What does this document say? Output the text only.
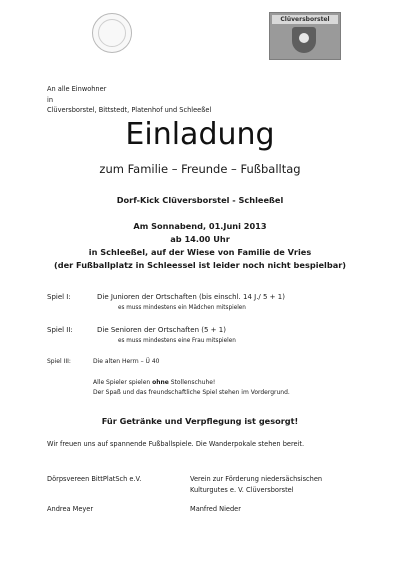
Clüversborstel
An alle Einwohner
in
Clüversborstel, Bittstedt, Platenhof und Schleeßel
Einladung
zum Familie – Freunde – Fußballtag
Dorf-Kick Clüversborstel - Schleeßel
Am Sonnabend, 01.Juni 2013
ab 14.00 Uhr
in Schleeßel, auf der Wiese von Familie de Vries
(der Fußballplatz in Schleessel ist leider noch nicht bespielbar)
Spiel I:	Die Junioren der Ortschaften (bis einschl. 14 J./ 5 + 1)
es muss mindestens ein Mädchen mitspielen
Spiel II:	Die Senioren der Ortschaften (5 + 1)
es muss mindestens eine Frau mitspielen
Spiel III:	Die alten Herrn – Ü 40
Alle Spieler spielen ohne Stollenschuhe!
Der Spaß und das freundschaftliche Spiel stehen im Vordergrund.
Für Getränke und Verpflegung ist gesorgt!
Wir freuen uns auf spannende Fußballspiele. Die Wanderpokale stehen bereit.
Dörpsvereen BittPlatSch e.V.	Verein zur Förderung niedersächsischen
Kulturgutes e. V. Clüversborstel
Andrea Meyer	Manfred Nieder
